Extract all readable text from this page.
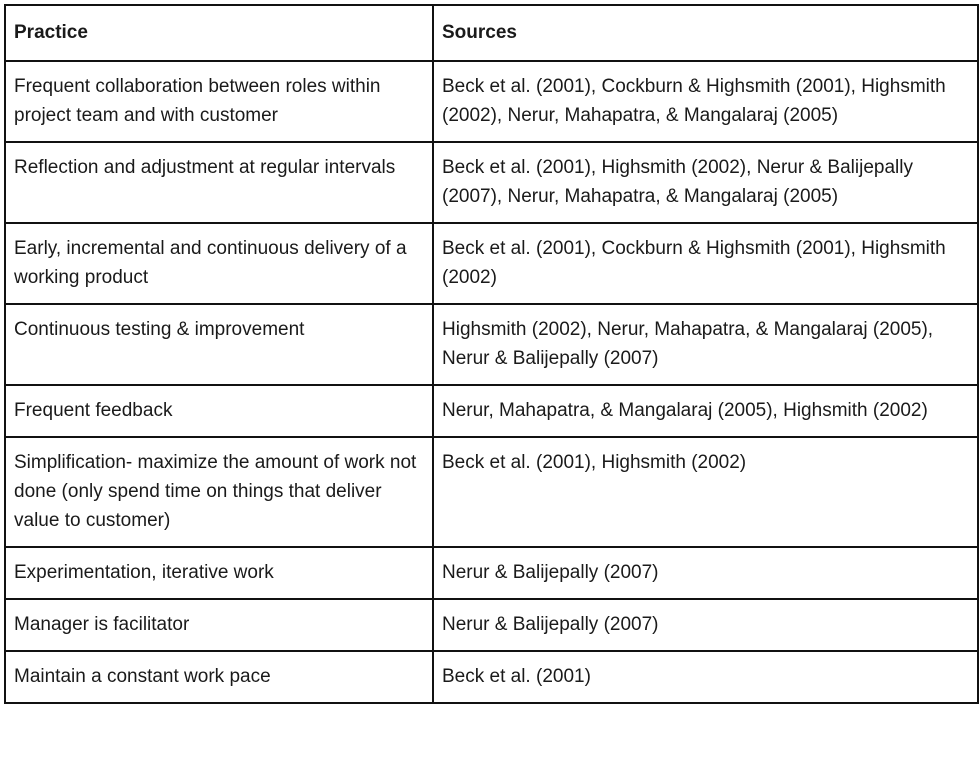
Practice	Sources
Frequent collaboration between roles within project team and with customer	Beck et al. (2001), Cockburn & Highsmith (2001), Highsmith (2002), Nerur, Mahapatra, & Mangalaraj (2005)
Reflection and adjustment at regular intervals	Beck et al. (2001), Highsmith (2002), Nerur & Balijepally (2007), Nerur, Mahapatra, & Mangalaraj (2005)
Early, incremental and continuous delivery of a working product	Beck et al. (2001), Cockburn & Highsmith (2001), Highsmith (2002)
Continuous testing & improvement	Highsmith (2002), Nerur, Mahapatra, & Mangalaraj (2005), Nerur & Balijepally (2007)
Frequent feedback	Nerur, Mahapatra, & Mangalaraj (2005), Highsmith (2002)
Simplification- maximize the amount of work not done (only spend time on things that deliver value to customer)	Beck et al. (2001), Highsmith (2002)
Experimentation, iterative work	Nerur & Balijepally (2007)
Manager is facilitator	Nerur & Balijepally (2007)
Maintain a constant work pace	Beck et al. (2001)
